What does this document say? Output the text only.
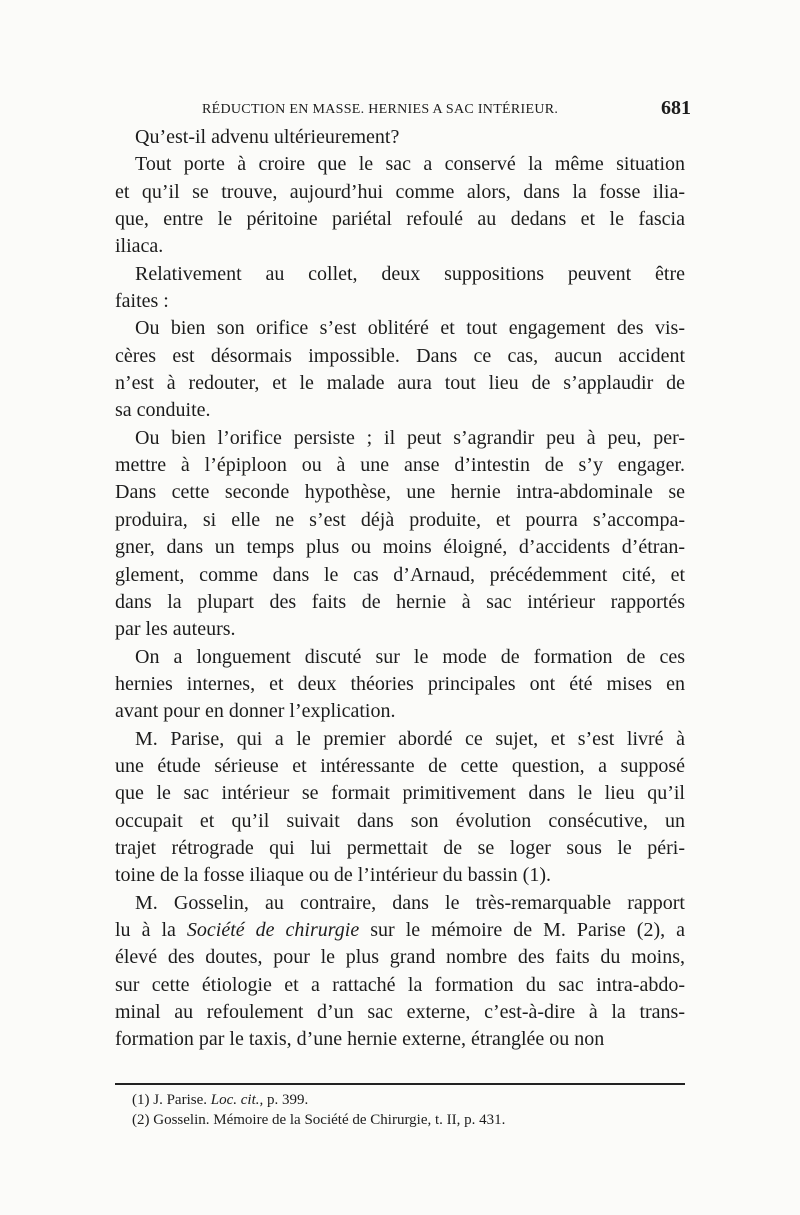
RÉDUCTION EN MASSE. HERNIES A SAC INTÉRIEUR.	681

Qu’est-il advenu ultérieurement?

Tout porte à croire que le sac a conservé la même situation
et qu’il se trouve, aujourd’hui comme alors, dans la fosse ilia-
que, entre le péritoine pariétal refoulé au dedans et le fascia
iliaca.

Relativement au collet, deux suppositions peuvent être
faites :

Ou bien son orifice s’est oblitéré et tout engagement des vis-
cères est désormais impossible. Dans ce cas, aucun accident
n’est à redouter, et le malade aura tout lieu de s’applaudir de
sa conduite.

Ou bien l’orifice persiste ; il peut s’agrandir peu à peu, per-
mettre à l’épiploon ou à une anse d’intestin de s’y engager.
Dans cette seconde hypothèse, une hernie intra-abdominale se
produira, si elle ne s’est déjà produite, et pourra s’accompa-
gner, dans un temps plus ou moins éloigné, d’accidents d’étran-
glement, comme dans le cas d’Arnaud, précédemment cité, et
dans la plupart des faits de hernie à sac intérieur rapportés
par les auteurs.

On a longuement discuté sur le mode de formation de ces
hernies internes, et deux théories principales ont été mises en
avant pour en donner l’explication.

M. Parise, qui a le premier abordé ce sujet, et s’est livré à
une étude sérieuse et intéressante de cette question, a supposé
que le sac intérieur se formait primitivement dans le lieu qu’il
occupait et qu’il suivait dans son évolution consécutive, un
trajet rétrograde qui lui permettait de se loger sous le péri-
toine de la fosse iliaque ou de l’intérieur du bassin (1).

M. Gosselin, au contraire, dans le très-remarquable rapport
lu à la Société de chirurgie sur le mémoire de M. Parise (2), a
élevé des doutes, pour le plus grand nombre des faits du moins,
sur cette étiologie et a rattaché la formation du sac intra-abdo-
minal au refoulement d’un sac externe, c’est-à-dire à la trans-
formation par le taxis, d’une hernie externe, étranglée ou non

(1) J. Parise. Loc. cit., p. 399.
(2) Gosselin. Mémoire de la Société de Chirurgie, t. II, p. 431.
